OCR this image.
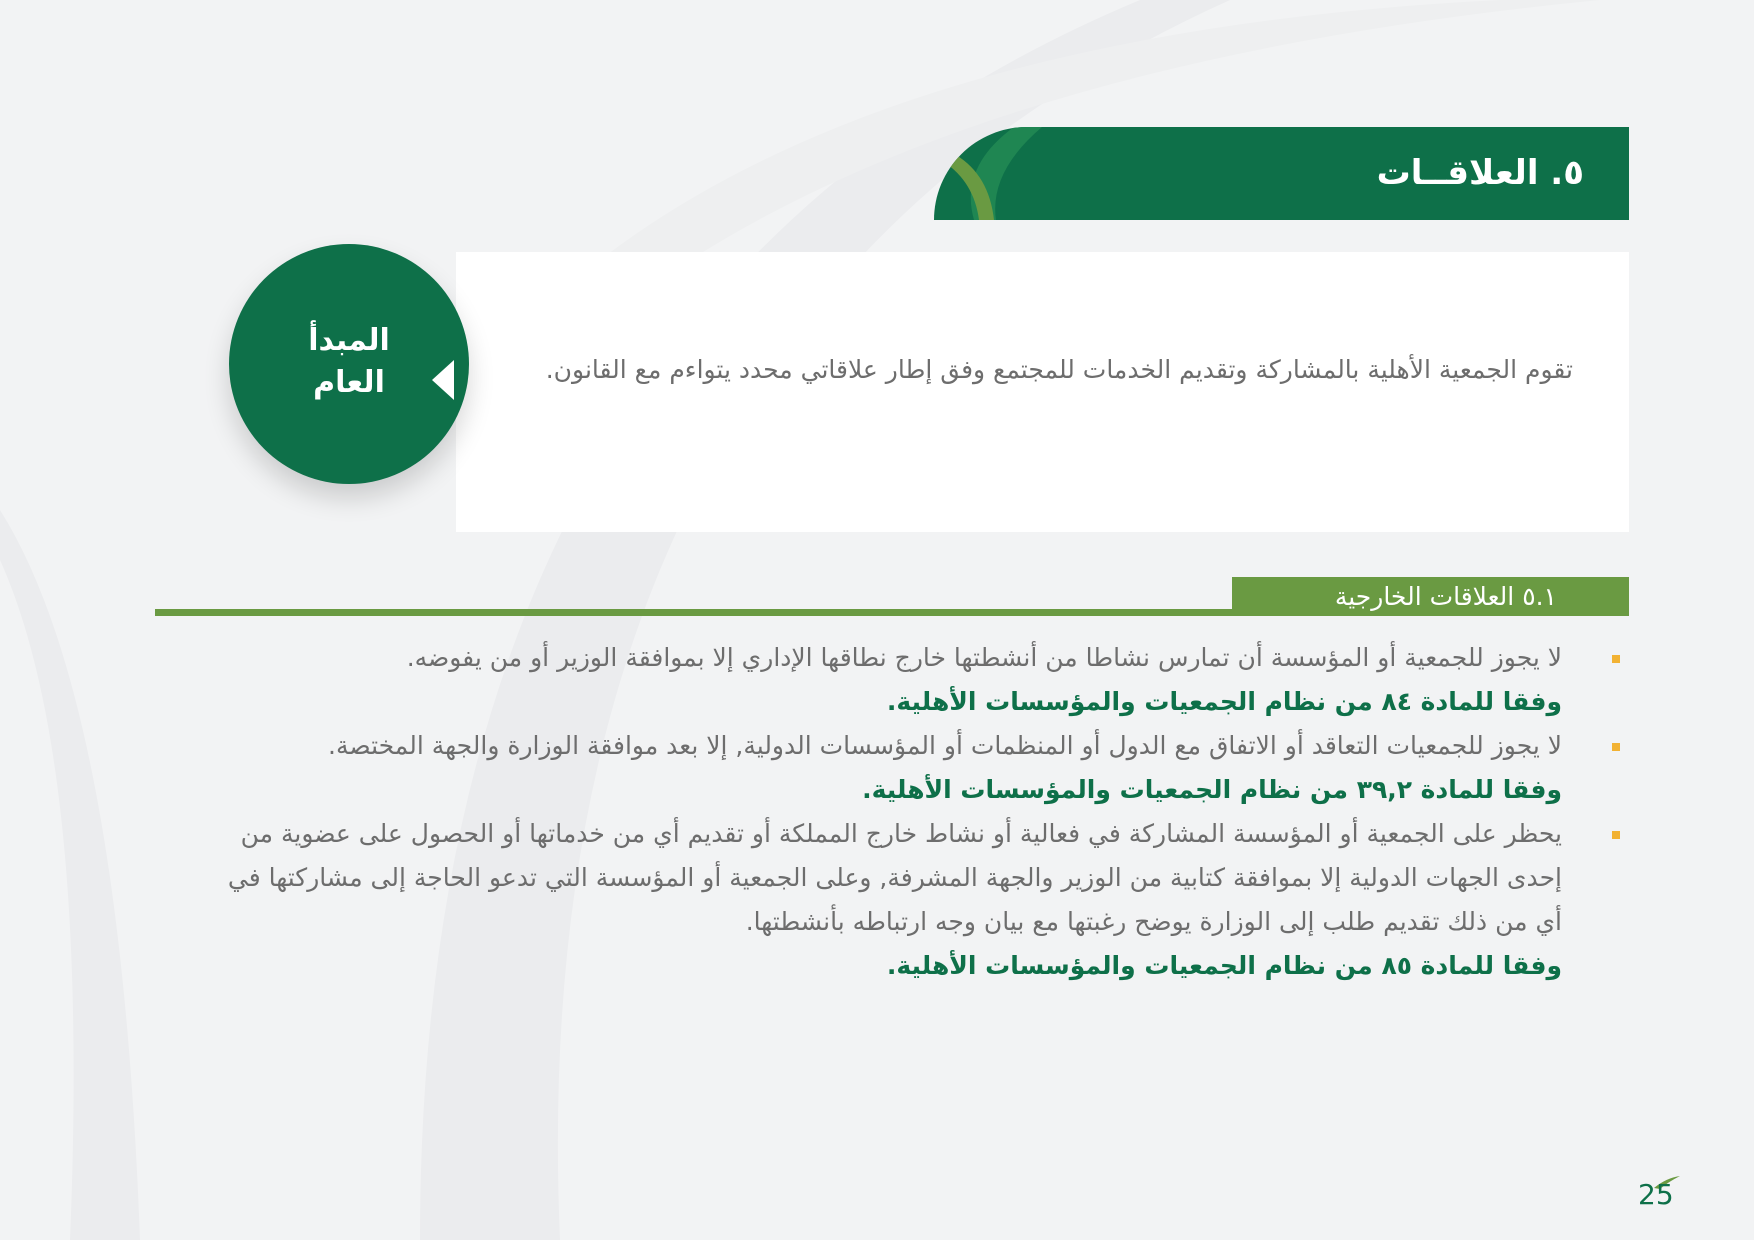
٥. العلاقــات
تقوم الجمعية الأهلية بالمشاركة وتقديم الخدمات للمجتمع وفق إطار علاقاتي محدد يتواءم مع القانون.
المبدأ
العام
٥.١ العلاقات الخارجية
لا يجوز للجمعية أو المؤسسة أن تمارس نشاطا من أنشطتها خارج نطاقها الإداري إلا بموافقة الوزير أو من يفوضه.
وفقا للمادة ٨٤ من نظام الجمعيات والمؤسسات الأهلية.
لا يجوز للجمعيات التعاقد أو الاتفاق مع الدول أو المنظمات أو المؤسسات الدولية, إلا بعد موافقة الوزارة والجهة المختصة.
وفقا للمادة ٣٩,٢ من نظام الجمعيات والمؤسسات الأهلية.
يحظر على الجمعية أو المؤسسة المشاركة في فعالية أو نشاط خارج المملكة أو تقديم أي من خدماتها أو الحصول على عضوية من إحدى الجهات الدولية إلا بموافقة كتابية من الوزير والجهة المشرفة, وعلى الجمعية أو المؤسسة التي تدعو الحاجة إلى مشاركتها في أي من ذلك تقديم طلب إلى الوزارة يوضح رغبتها مع بيان وجه ارتباطه بأنشطتها.
وفقا للمادة ٨٥ من نظام الجمعيات والمؤسسات الأهلية.
25
